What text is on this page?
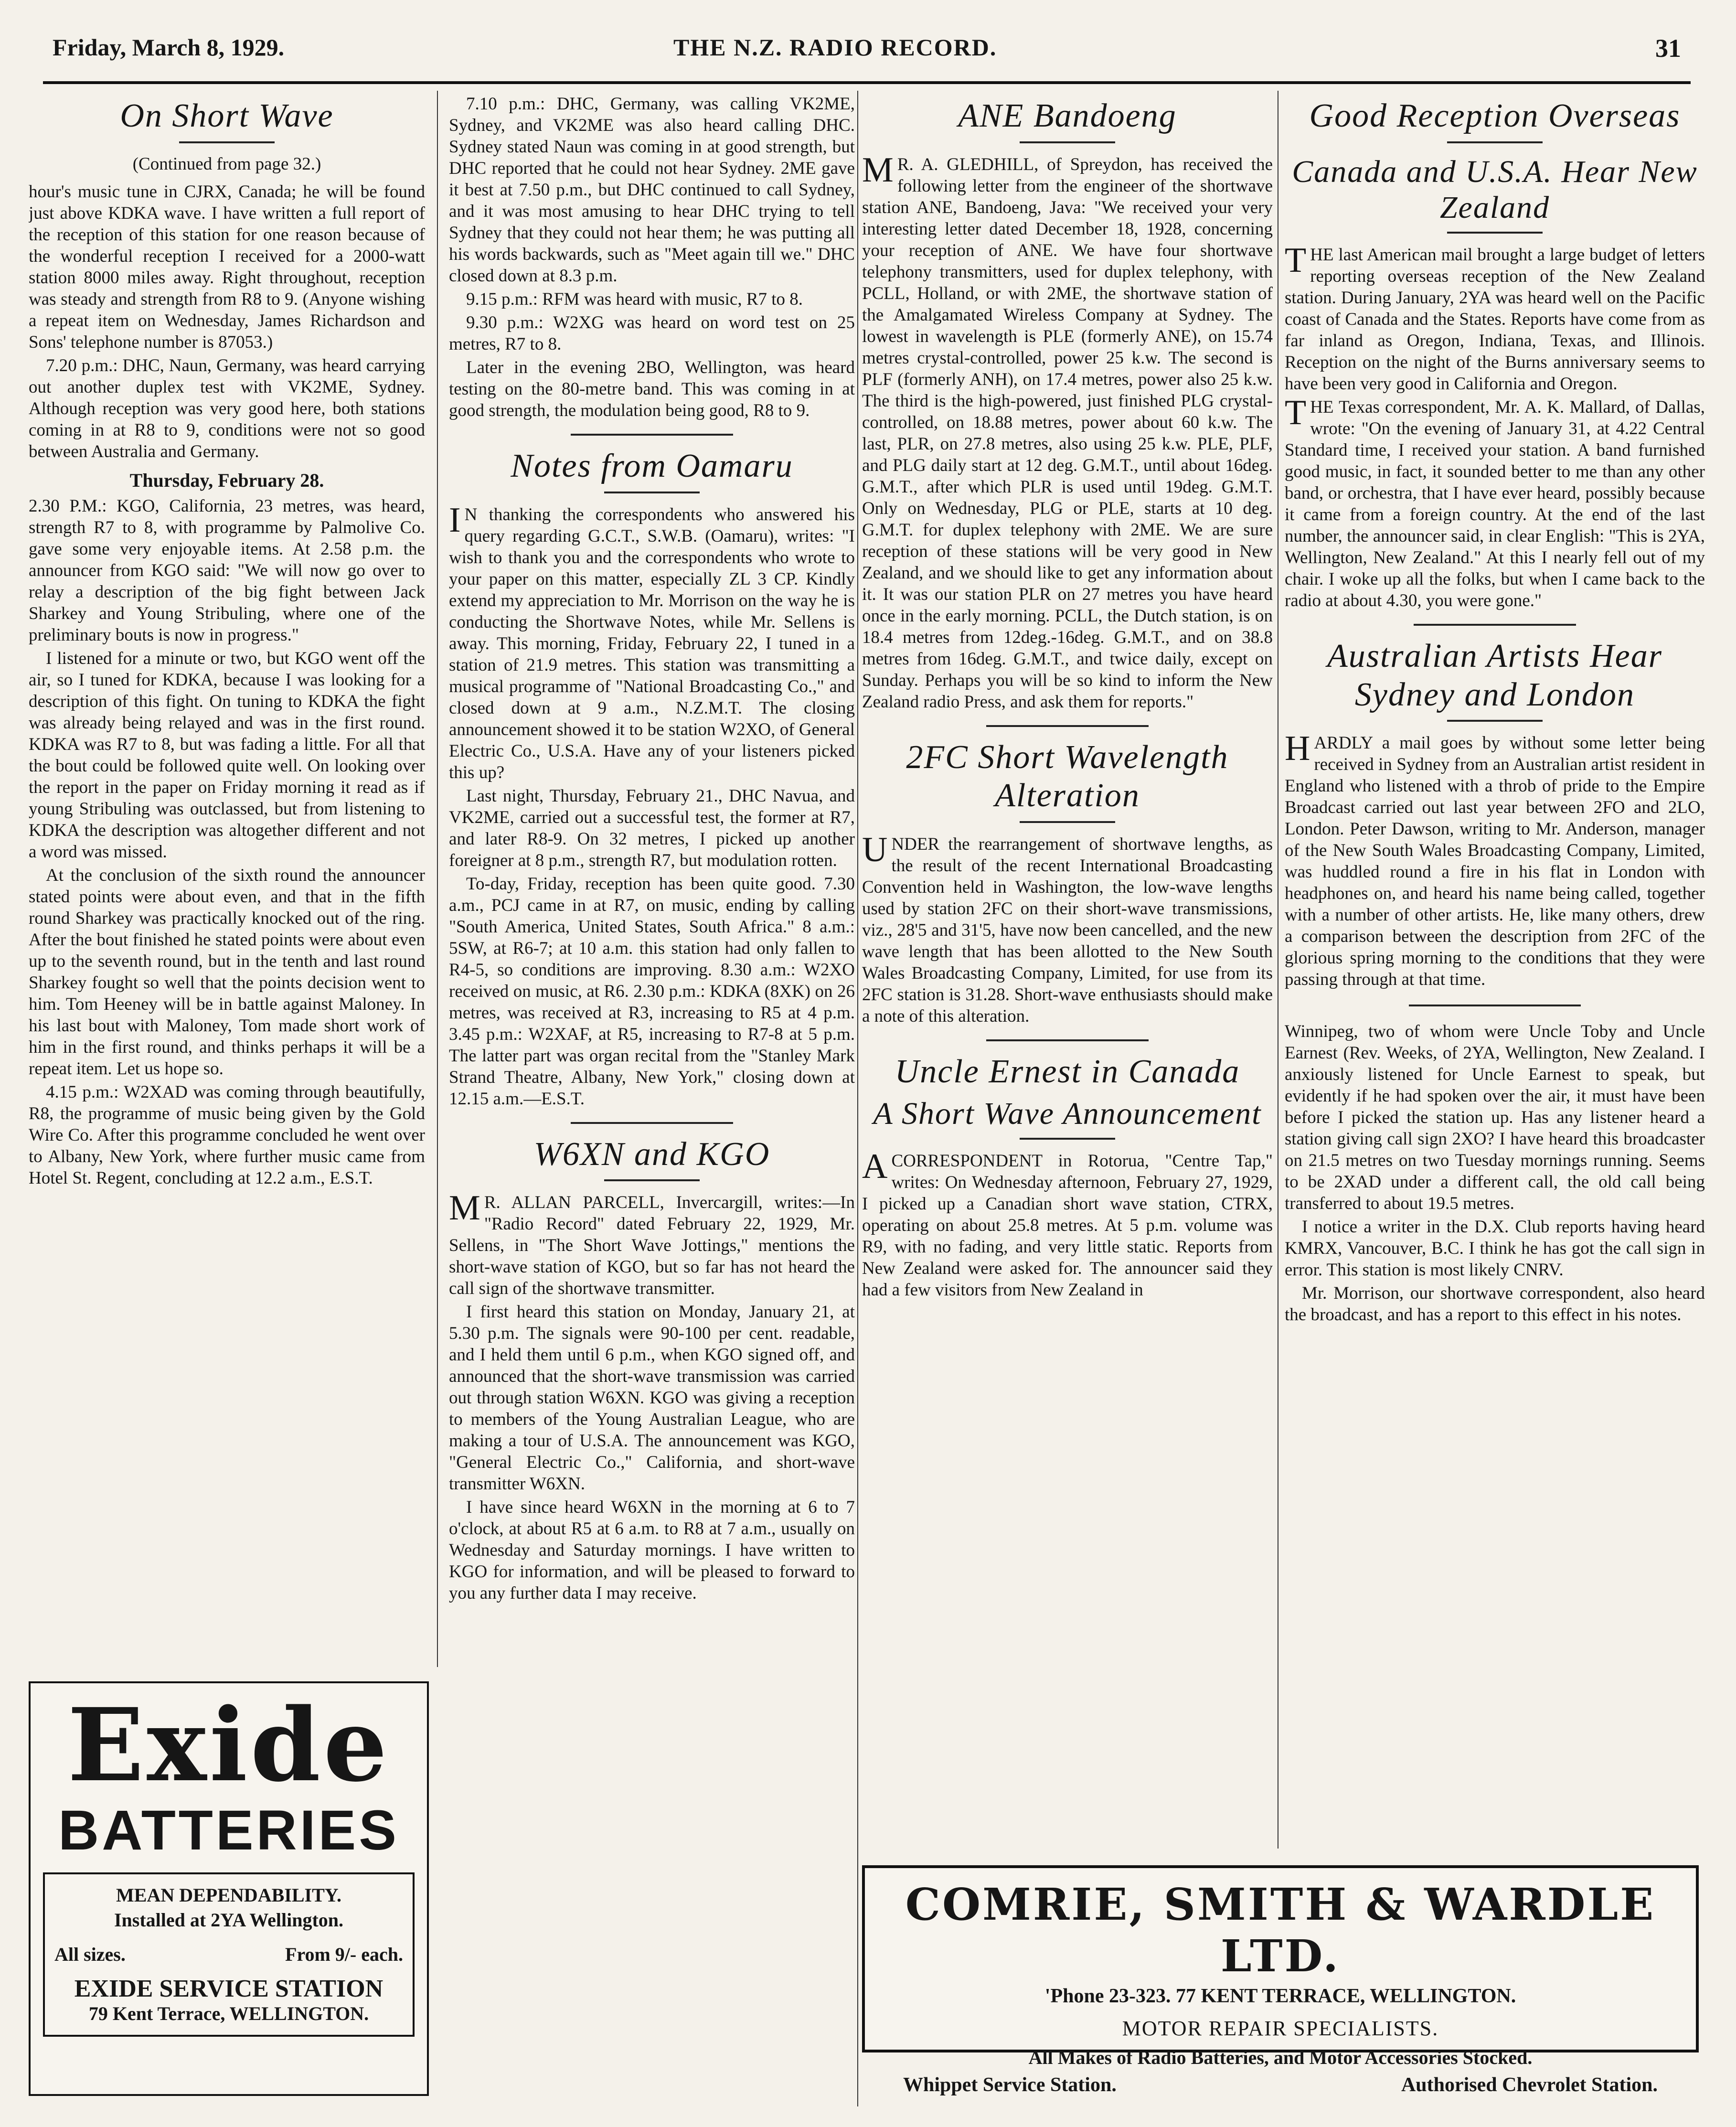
Friday, March 8, 1929.	THE N.Z. RADIO RECORD.	31
On Short Wave
(Continued from page 32.)

hour's music tune in CJRX, Canada; he will be found just above KDKA wave. I have written a full report of the reception of this station for one reason because of the wonderful reception I received for a 2000-watt station 8000 miles away. Right throughout, reception was steady and strength from R8 to 9. (Anyone wishing a repeat item on Wednesday, James Richardson and Sons' telephone number is 87053.)

7.20 p.m.: DHC, Naun, Germany, was heard carrying out another duplex test with VK2ME, Sydney. Although reception was very good here, both stations coming in at R8 to 9, conditions were not so good between Australia and Germany.

Thursday, February 28.

2.30 P.M.: KGO, California, 23 metres, was heard, strength R7 to 8, with programme by Palmolive Co. gave some very enjoyable items. At 2.58 p.m. the announcer from KGO said: "We will now go over to relay a description of the big fight between Jack Sharkey and Young Stribuling, where one of the preliminary bouts is now in progress."

I listened for a minute or two, but KGO went off the air, so I tuned for KDKA, because I was looking for a description of this fight. On tuning to KDKA the fight was already being relayed and was in the first round. KDKA was R7 to 8, but was fading a little. For all that the bout could be followed quite well. On looking over the report in the paper on Friday morning it read as if young Stribuling was outclassed, but from listening to KDKA the description was altogether different and not a word was missed.

At the conclusion of the sixth round the announcer stated points were about even, and that in the fifth round Sharkey was practically knocked out of the ring. After the bout finished he stated points were about even up to the seventh round, but in the tenth and last round Sharkey fought so well that the points decision went to him. Tom Heeney will be in battle against Maloney. In his last bout with Maloney, Tom made short work of him in the first round, and thinks perhaps it will be a repeat item. Let us hope so.

4.15 p.m.: W2XAD was coming through beautifully, R8, the programme of music being given by the Gold Wire Co. After this programme concluded he went over to Albany, New York, where further music came from Hotel St. Regent, concluding at 12.2 a.m., E.S.T.

7.10 p.m.: DHC, Germany, was calling VK2ME, Sydney, and VK2ME was also heard calling DHC. Sydney stated Naun was coming in at good strength, but DHC reported that he could not hear Sydney. 2ME gave it best at 7.50 p.m., but DHC continued to call Sydney, and it was most amusing to hear DHC trying to tell Sydney that they could not hear them; he was putting all his words backwards, such as "Meet again till we." DHC closed down at 8.3 p.m.

9.15 p.m.: RFM was heard with music, R7 to 8.

9.30 p.m.: W2XG was heard on word test on 25 metres, R7 to 8.

Later in the evening 2BO, Wellington, was heard testing on the 80-metre band. This was coming in at good strength, the modulation being good, R8 to 9.

Notes from Oamaru

IN thanking the correspondents who answered his query regarding G.C.T., S.W.B. (Oamaru), writes: "I wish to thank you and the correspondents who wrote to your paper on this matter, especially ZL 3 CP. Kindly extend my appreciation to Mr. Morrison on the way he is conducting the Shortwave Notes, while Mr. Sellens is away. This morning, Friday, February 22, I tuned in a station of 21.9 metres. This station was transmitting a musical programme of "National Broadcasting Co.," and closed down at 9 a.m., N.Z.M.T. The closing announcement showed it to be station W2XO, of General Electric Co., U.S.A. Have any of your listeners picked this up?

Last night, Thursday, February 21., DHC Navua, and VK2ME, carried out a successful test, the former at R7, and later R8-9. On 32 metres, I picked up another foreigner at 8 p.m., strength R7, but modulation rotten.

To-day, Friday, reception has been quite good. 7.30 a.m., PCJ came in at R7, on music, ending by calling "South America, United States, South Africa." 8 a.m.: 5SW, at R6-7; at 10 a.m. this station had only fallen to R4-5, so conditions are improving. 8.30 a.m.: W2XO received on music, at R6. 2.30 p.m.: KDKA (8XK) on 26 metres, was received at R3, increasing to R5 at 4 p.m. 3.45 p.m.: W2XAF, at R5, increasing to R7-8 at 5 p.m. The latter part was organ recital from the "Stanley Mark Strand Theatre, Albany, New York," closing down at 12.15 a.m.—E.S.T.

W6XN and KGO

MR. ALLAN PARCELL, Invercargill, writes:—In "Radio Record" dated February 22, 1929, Mr. Sellens, in "The Short Wave Jottings," mentions the short-wave station of KGO, but so far has not heard the call sign of the shortwave transmitter.

I first heard this station on Monday, January 21, at 5.30 p.m. The signals were 90-100 per cent. readable, and I held them until 6 p.m., when KGO signed off, and announced that the short-wave transmission was carried out through station W6XN. KGO was giving a reception to members of the Young Australian League, who are making a tour of U.S.A. The announcement was KGO, "General Electric Co.," California, and short-wave transmitter W6XN.

I have since heard W6XN in the morning at 6 to 7 o'clock, at about R5 at 6 a.m. to R8 at 7 a.m., usually on Wednesday and Saturday mornings. I have written to KGO for information, and will be pleased to forward to you any further data I may receive.

ANE Bandoeng

MR. A. GLEDHILL, of Spreydon, has received the following letter from the engineer of the shortwave station ANE, Bandoeng, Java: "We received your very interesting letter dated December 18, 1928, concerning your reception of ANE. We have four shortwave telephony transmitters, used for duplex telephony, with PCLL, Holland, or with 2ME, the shortwave station of the Amalgamated Wireless Company at Sydney. The lowest in wavelength is PLE (formerly ANE), on 15.74 metres crystal-controlled, power 25 k.w. The second is PLF (formerly ANH), on 17.4 metres, power also 25 k.w. The third is the high-powered, just finished PLG crystal-controlled, on 18.88 metres, power about 60 k.w. The last, PLR, on 27.8 metres, also using 25 k.w. PLE, PLF, and PLG daily start at 12 deg. G.M.T., until about 16deg. G.M.T., after which PLR is used until 19deg. G.M.T. Only on Wednesday, PLG or PLE, starts at 10 deg. G.M.T. for duplex telephony with 2ME. We are sure reception of these stations will be very good in New Zealand, and we should like to get any information about it. It was our station PLR on 27 metres you have heard once in the early morning. PCLL, the Dutch station, is on 18.4 metres from 12deg.-16deg. G.M.T., and on 38.8 metres from 16deg. G.M.T., and twice daily, except on Sunday. Perhaps you will be so kind to inform the New Zealand radio Press, and ask them for reports."

2FC Short Wavelength Alteration

UNDER the rearrangement of shortwave lengths, as the result of the recent International Broadcasting Convention held in Washington, the low-wave lengths used by station 2FC on their short-wave transmissions, viz., 28'5 and 31'5, have now been cancelled, and the new wave length that has been allotted to the New South Wales Broadcasting Company, Limited, for use from its 2FC station is 31.28. Short-wave enthusiasts should make a note of this alteration.

Uncle Ernest in Canada
A Short Wave Announcement

ACORRESPONDENT in Rotorua, "Centre Tap," writes: On Wednesday afternoon, February 27, 1929, I picked up a Canadian short wave station, CTRX, operating on about 25.8 metres. At 5 p.m. volume was R9, with no fading, and very little static. Reports from New Zealand were asked for. The announcer said they had a few visitors from New Zealand in

Good Reception Overseas
Canada and U.S.A. Hear New Zealand

THE last American mail brought a large budget of letters reporting overseas reception of the New Zealand station. During January, 2YA was heard well on the Pacific coast of Canada and the States. Reports have come from as far inland as Oregon, Indiana, Texas, and Illinois. Reception on the night of the Burns anniversary seems to have been very good in California and Oregon.

THE Texas correspondent, Mr. A. K. Mallard, of Dallas, wrote: "On the evening of January 31, at 4.22 Central Standard time, I received your station. A band furnished good music, in fact, it sounded better to me than any other band, or orchestra, that I have ever heard, possibly because it came from a foreign country. At the end of the last number, the announcer said, in clear English: "This is 2YA, Wellington, New Zealand." At this I nearly fell out of my chair. I woke up all the folks, but when I came back to the radio at about 4.30, you were gone."

Australian Artists Hear Sydney and London

HARDLY a mail goes by without some letter being received in Sydney from an Australian artist resident in England who listened with a throb of pride to the Empire Broadcast carried out last year between 2FO and 2LO, London. Peter Dawson, writing to Mr. Anderson, manager of the New South Wales Broadcasting Company, Limited, was huddled round a fire in his flat in London with headphones on, and heard his name being called, together with a number of other artists. He, like many others, drew a comparison between the description from 2FC of the glorious spring morning to the conditions that they were passing through at that time.

Winnipeg, two of whom were Uncle Toby and Uncle Earnest (Rev. Weeks, of 2YA, Wellington, New Zealand. I anxiously listened for Uncle Earnest to speak, but evidently if he had spoken over the air, it must have been before I picked the station up. Has any listener heard a station giving call sign 2XO? I have heard this broadcaster on 21.5 metres on two Tuesday mornings running. Seems to be 2XAD under a different call, the old call being transferred to about 19.5 metres.

I notice a writer in the D.X. Club reports having heard KMRX, Vancouver, B.C. I think he has got the call sign in error. This station is most likely CNRV.

Mr. Morrison, our shortwave correspondent, also heard the broadcast, and has a report to this effect in his notes.

Exide
BATTERIES
MEAN DEPENDABILITY.
Installed at 2YA Wellington.
All sizes.	From 9/- each.
EXIDE SERVICE STATION
79 Kent Terrace, WELLINGTON.
COMRIE, SMITH & WARDLE LTD.
'Phone 23-323. 77 KENT TERRACE, WELLINGTON.
MOTOR REPAIR SPECIALISTS.
All Makes of Radio Batteries, and Motor Accessories Stocked.
Whippet Service Station.	Authorised Chevrolet Station.
